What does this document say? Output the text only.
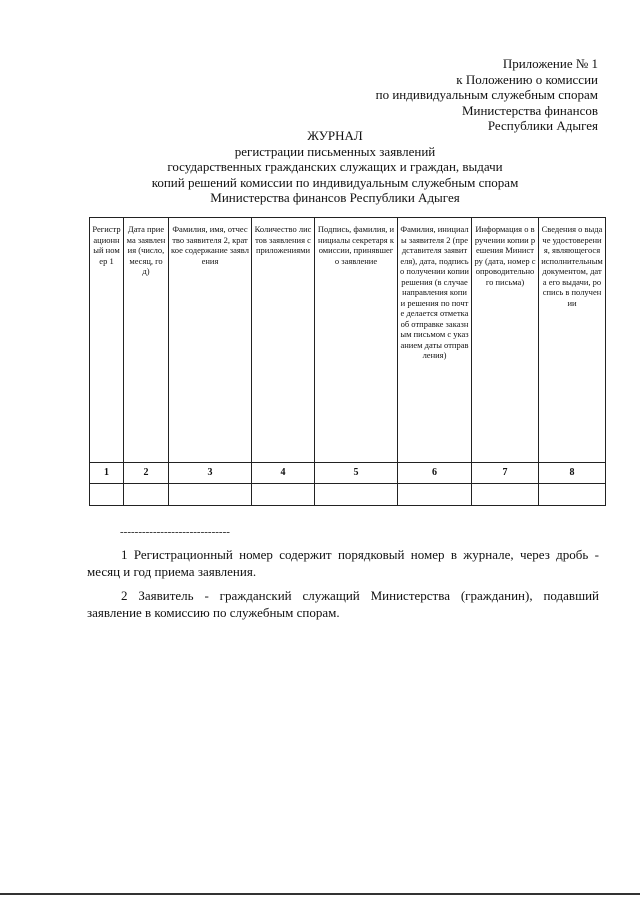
Приложение № 1
к Положению о комиссии
по индивидуальным служебным спорам
Министерства финансов
Республики Адыгея
ЖУРНАЛ
регистрации письменных заявлений
государственных гражданских служащих и граждан, выдачи
копий решений комиссии по индивидуальным служебным спорам
Министерства финансов Республики Адыгея
Регистрационный номер 1	Дата приема заявления (число, месяц, год)	Фамилия, имя, отчество заявителя 2, краткое содержание заявления	Количество листов заявления с приложениями	Подпись, фамилия, инициалы секретаря комиссии, принявшего заявление	Фамилия, инициалы заявителя 2 (представителя заявителя), дата, подпись о получении копии решения (в случае направления копии решения по почте делается отметка об отправке заказным письмом с указанием даты отправления)	Информация о вручении копии решения Министру (дата, номер сопроводительного письма)	Сведения о выдаче удостоверения, являющегося исполнительным документом, дата его выдачи, роспись в получении
1	2	3	4	5	6	7	8

------------------------------
1 Регистрационный номер содержит порядковый номер в журнале, через дробь - месяц и год приема заявления.
2 Заявитель - гражданский служащий Министерства (гражданин), подавший заявление в комиссию по служебным спорам.
